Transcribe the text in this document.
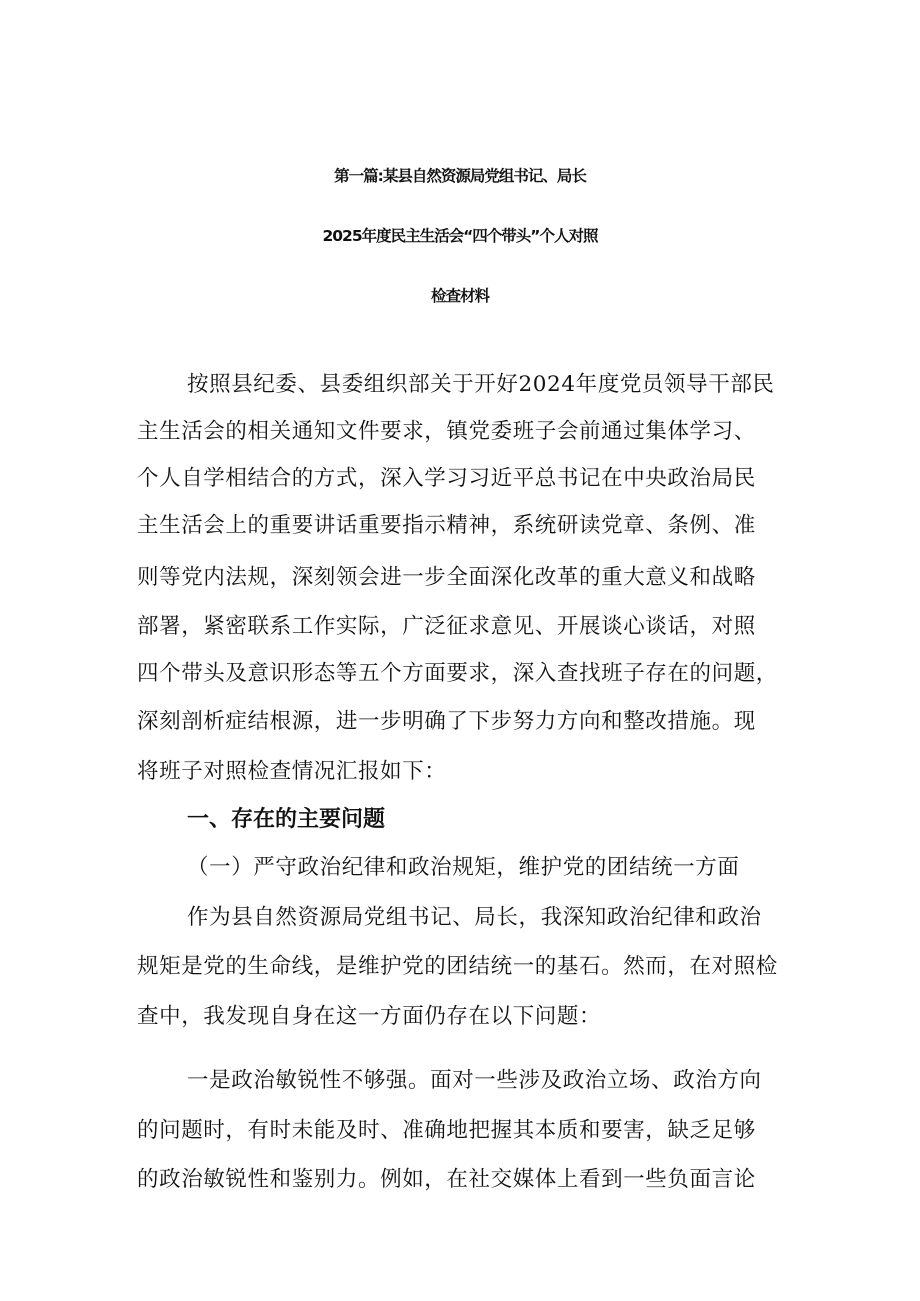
第一篇:某县自然资源局党组书记、局长
2025年度民主生活会“四个带头”个人对照
检查材料
按照县纪委、县委组织部关于开好2024年度党员领导干部民
主生活会的相关通知文件要求，镇党委班子会前通过集体学习、
个人自学相结合的方式，深入学习习近平总书记在中央政治局民
主生活会上的重要讲话重要指示精神，系统研读党章、条例、准
则等党内法规，深刻领会进一步全面深化改革的重大意义和战略
部署，紧密联系工作实际，广泛征求意见、开展谈心谈话，对照
四个带头及意识形态等五个方面要求，深入查找班子存在的问题，
深刻剖析症结根源，进一步明确了下步努力方向和整改措施。现
将班子对照检查情况汇报如下：
一、存在的主要问题
（一）严守政治纪律和政治规矩，维护党的团结统一方面
作为县自然资源局党组书记、局长，我深知政治纪律和政治
规矩是党的生命线，是维护党的团结统一的基石。然而，在对照检
查中，我发现自身在这一方面仍存在以下问题：
一是政治敏锐性不够强。面对一些涉及政治立场、政治方向
的问题时，有时未能及时、准确地把握其本质和要害，缺乏足够
的政治敏锐性和鉴别力。例如，在社交媒体上看到一些负面言论
